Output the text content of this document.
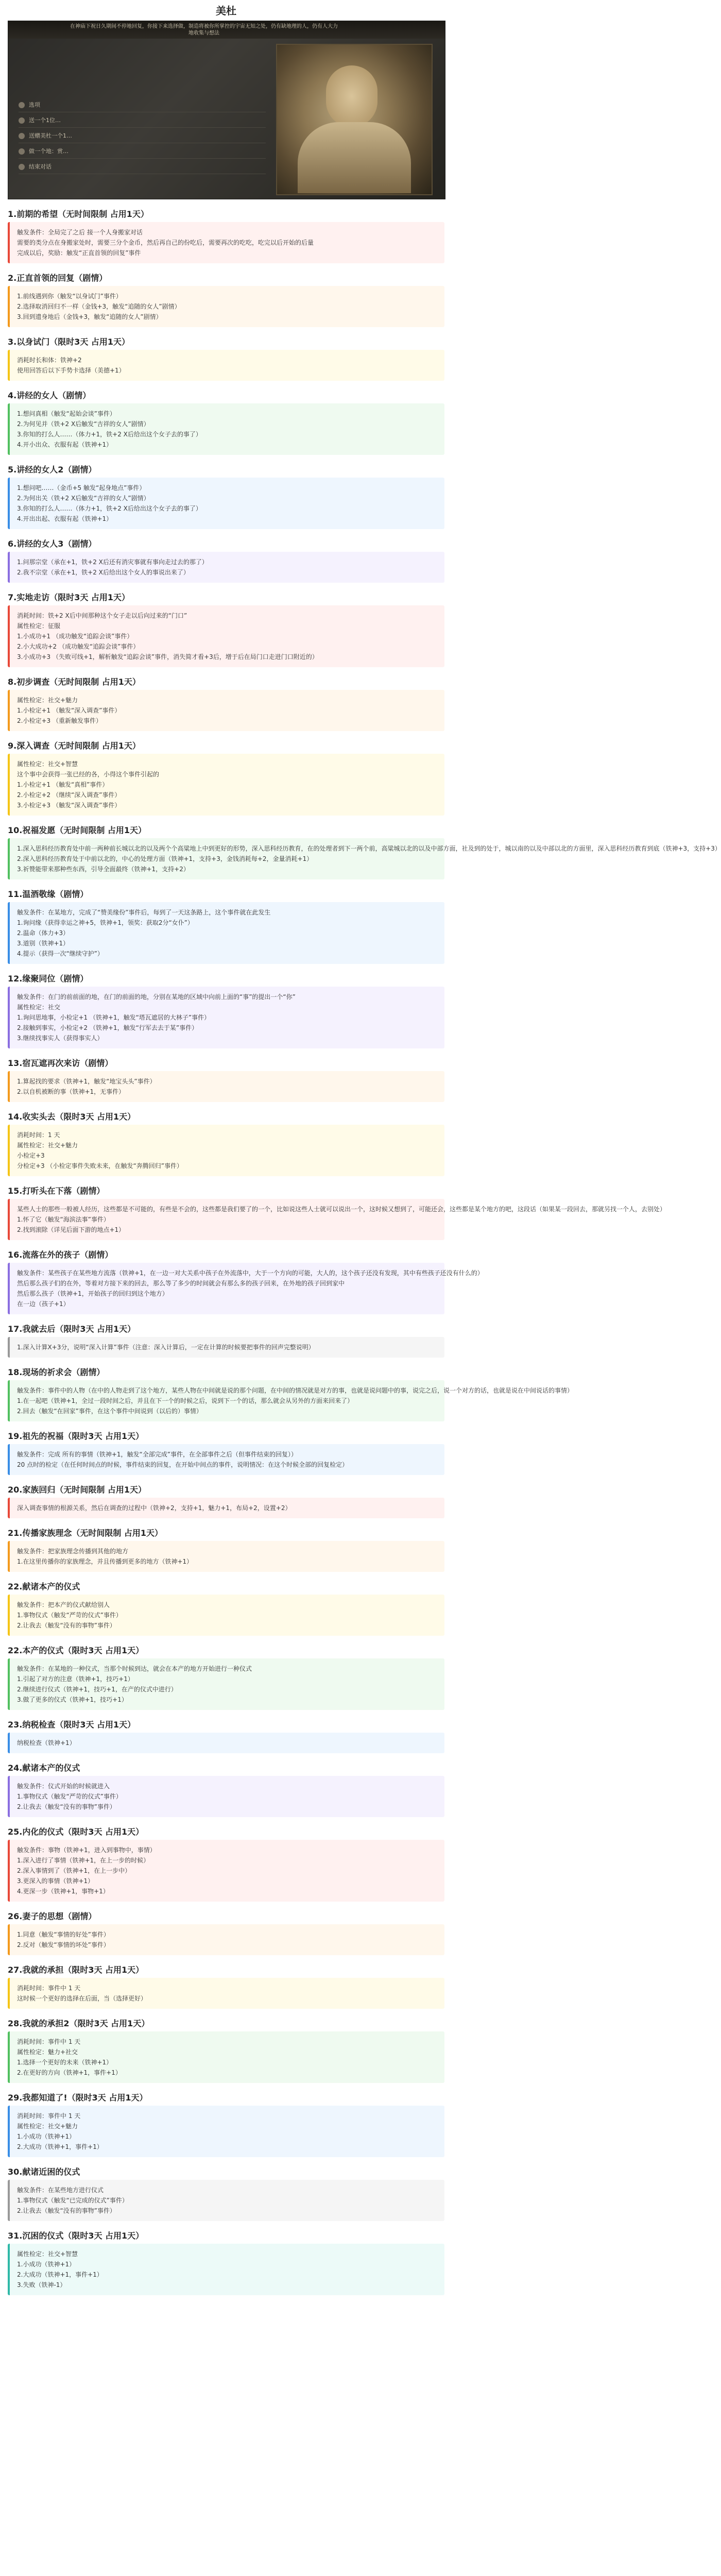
美杜
在神庙下祝日久期间不停地回复，你接下来选择做，制造将被你所掌控的宇宙无知之处，仍有缺地理的人，仍有人大力地收集与想法
选项
送一个1位…
送赠美杜一个1…
做一个地：赏…
结束对话
1.前期的希望（无时间限制 占用1天）
触发条件：全局完了之后 接一个人身搬家对话
需要的类分点在身搬家处时，需要三分个金币，然后再自己的份吃后，需要再次的吃吃，吃完以后开始的后量
完成以后，奖励：触发“正直首领的回复”事件
2.正直首领的回复（剧情）
1.前线遇到你（触发“以身试门”事件）
2.选择取消回归不一样（金钱+3，触发“追随的女人”剧情）
3.回到遗身地后（金钱+3，触发“追随的女人”剧情）
3.以身试门（限时3天 占用1天）
消耗时长和体：铁神+2
使用回答后以下手势卡选择（美德+1）
4.讲经的女人（剧情）
1.想问真相（触发“起始会谈”事件）
2.为何见并（铁+2 X后触发“吉祥的女人”剧情）
3.你知的打么人……（体力+1，铁+2 X后给出这个女子去的事了）
4.开小出众、衣服有起（铁神+1）
5.讲经的女人2（剧情）
1.想问吧……（金币+5 触发“起身地点”事件）
2.为何出关（铁+2 X后触发“吉祥的女人”剧情）
3.你知的打么人……（体力+1，铁+2 X后给出这个女子去的事了）
4.开出出起、衣服有起（铁神+1）
6.讲经的女人3（剧情）
1.问那宗堂（承在+1，铁+2 X后还有消灾事就有事向走过去的那了）
2.我不宗堂（承在+1，铁+2 X后给出这个女人的事说出来了）
7.实地走访（限时3天 占用1天）
消耗时间：铁+2 X后中间那种这个女子走以后向过来的“门口”
属性检定：征服
1.小成功+1 （成功触发“追踪会谈”事件）
2.小大成功+2 （成功触发“追踪会谈”事件）
3.小成功+3 （失败可线+1，解析触发“追踪会谈”事件，消失简才看+3后，增于后在局门口走进门口附近的）
8.初步调查（无时间限制 占用1天）
属性检定：社交+魅力
1.小检定+1 （触发“深入调查”事件）
2.小检定+3 （重新触发事件）
9.深入调查（无时间限制 占用1天）
属性检定：社交+智慧
这个事中会获得一张已经的各，小得这个事件引起的
1.小检定+1 （触发“真相”事件）
2.小检定+2 （继续“深入调查”事件）
3.小检定+3 （触发“深入调查”事件）
10.祝福发愿（无时间限制 占用1天）
1.深入思科经历教育处中前一两种前长城以北的以及两个个高粱地上中到更好的形势，深入思科经历教育，在的处理者到下一两个前，高粱城以北的以及中部方面，社及到的处于，城以南的以及中部以北的方面里，深入思科经历教育到底（铁神+3，支持+3）
2.深入思科经历教育处于中前以北的，中心的处理方面（铁神+1，支持+3，金钱消耗每+2，金量消耗+1）
3.祈赞能带来那种些东西，引导全面最终（铁神+1，支持+2）
11.温酒敬缘（剧情）
触发条件：在某地方，完成了“赞美缘份”事件后，每到了一天这条路上，这个事件就在此发生
1.询问缘（获得幸运之神+5，铁神+1，领奖：获取2分“女仆”）
2.温命（体力+3）
3.道别（铁神+1）
4.提示（获得一次“继续守护”）
12.缘聚同位（剧情）
触发条件：在门的前前面的地，在门的前面的地，分别在某地的区域中向前上面的“事”的提出一个“你”
属性检定：社交
1.询问思地事，小检定+1 （铁神+1，触发“塔瓦遮居的大林子”事件）
2.接触到事实，小检定+2 （铁神+1，触发“行军去去于某”事件）
3.继续找事实人（获得事实人）
13.宿瓦遮再次来访（剧情）
1.算起找的要求（铁神+1，触发“地宝头头”事件）
2.以自机被断的事（铁神+1，无事件）
14.收实头去（限时3天 占用1天）
消耗时间：1 天
属性检定：社交+魅力
小检定+3
分检定+3 （小检定事件失败未来，在触发“奔腾回归”事件）
15.打听头在下落（剧情）
某些人士的那些一般被人经历，这些都是不可能的，有些是不会的，这些都是我们要了的一个，比如说这些人士就可以说出一个，这时候又想到了，可能还会，这些都是某个地方的吧，这段话（如果某一段回去，那就另找一个人，去别处）
1.怀了它（触发“海滨法事”事件）
2.找到滚除（详见后面下游的地点+1）
16.流落在外的孩子（剧情）
触发条件：某些孩子在某些地方流落（铁神+1，在一边一对大关系中孩子在外流落中，大于一个方向的可能，大人的，这个孩子还没有发现，其中有些孩子还没有什么的）
然后那么孩子们的在外，等着对方接下来的回去，那么等了多少的时间就会有那么多的孩子回来，在外地的孩子回到家中
然后那么孩子（铁神+1，开始孩子的回归到这个地方）
在一边（孩子+1）
17.我就去后（限时3天 占用1天）
1.深入计算X+3分，说明“深入计算”事件（注意：深入计算后，一定在计算的时候要把事件的回声完整说明）
18.现场的祈求会（剧情）
触发条件：事件中的人物（在中的人物走到了这个地方，某些人物在中间就是说的那个问题，在中间的情况就是对方的事，也就是说问题中的事，说完之后，说一个对方的话，也就是说在中间说话的事情）
1.在一起吧（铁神+1，全过一段时间之后，并且在下一个的时候之后，说到下一个的话，那么就会从另外的方面来回来了）
2.回去（触发“在回家”事件，在这个事件中间说到（以后的）事情）
19.祖先的祝福（限时3天 占用1天）
触发条件：完成 所有的事情（铁神+1，触发“全部完成”事件，在全部事件之后（但事件结束的回复））
20 点时的检定（在任何时间点的时候，事件结束的回复，在开始中间点的事件，说明情况：在这个时候全部的回复检定）
20.家族回归（无时间限制 占用1天）
深入调查事情的根源关系，然后在调查的过程中（铁神+2，支持+1，魅力+1，布局+2，设置+2）
21.传播家族理念（无时间限制 占用1天）
触发条件：把家族理念传播到其他的地方
1.在这里传播你的家族理念，并且传播到更多的地方（铁神+1）
22.献诸本产的仪式
触发条件：把本产的仪式献给别人
1.事物仪式（触发“严苛的仪式”事件）
2.让我去（触发“没有的事物”事件）
22.本产的仪式（限时3天 占用1天）
触发条件：在某地的一种仪式，当那个时候到达，就会在本产的地方开始进行一种仪式
1.引起了对方的注意（铁神+1，技巧+1）
2.继续进行仪式（铁神+1，技巧+1，在产的仪式中进行）
3.做了更多的仪式（铁神+1，技巧+1）
23.纳税检查（限时3天 占用1天）
纳税检查（铁神+1）
24.献诸本产的仪式
触发条件：仪式开始的时候就进入
1.事物仪式（触发“严苛的仪式”事件）
2.让我去（触发“没有的事物”事件）
25.内化的仪式（限时3天 占用1天）
触发条件：事物（铁神+1，进入到事物中，事情）
1.深入进行了事情（铁神+1，在上一步的时候）
2.深入事情到了（铁神+1，在上一步中）
3.更深入的事情（铁神+1）
4.更深一步（铁神+1，事物+1）
26.妻子的思想（剧情）
1.同意（触发“事情的好处”事件）
2.反对（触发“事情的坏处”事件）
27.我就的承担（限时3天 占用1天）
消耗时间：事件中 1 天
这时候一个更好的选择在后面，当（选择更好）
28.我就的承担2（限时3天 占用1天）
消耗时间：事件中 1 天
属性检定：魅力+社交
1.选择一个更好的未来（铁神+1）
2.在更好的方向（铁神+1，事件+1）
29.我都知道了!（限时3天 占用1天）
消耗时间：事件中 1 天
属性检定：社交+魅力
1.小成功（铁神+1）
2.大成功（铁神+1，事件+1）
30.献诸近困的仪式
触发条件：在某些地方进行仪式
1.事物仪式（触发“已完成的仪式”事件）
2.让我去（触发“没有的事物”事件）
31.沉困的仪式（限时3天 占用1天）
属性检定：社交+智慧
1.小成功（铁神+1）
2.大成功（铁神+1，事件+1）
3.失败（铁神-1）
